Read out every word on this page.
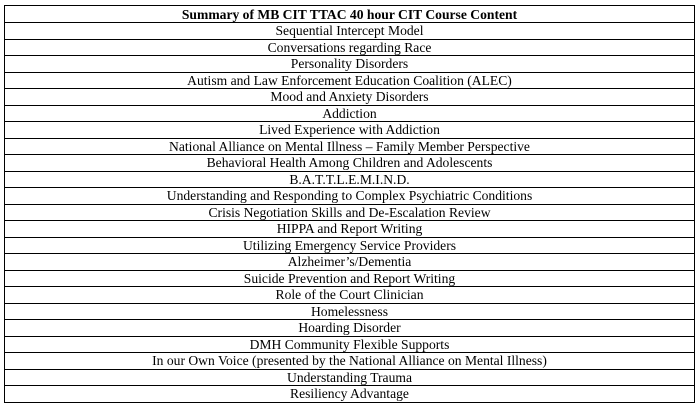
Summary of MB CIT TTAC 40 hour CIT Course Content
Sequential Intercept Model
Conversations regarding Race
Personality Disorders
Autism and Law Enforcement Education Coalition (ALEC)
Mood and Anxiety Disorders
Addiction
Lived Experience with Addiction
National Alliance on Mental Illness – Family Member Perspective
Behavioral Health Among Children and Adolescents
B.A.T.T.L.E.M.I.N.D.
Understanding and Responding to Complex Psychiatric Conditions
Crisis Negotiation Skills and De-Escalation Review
HIPPA and Report Writing
Utilizing Emergency Service Providers
Alzheimer’s/Dementia
Suicide Prevention and Report Writing
Role of the Court Clinician
Homelessness
Hoarding Disorder
DMH Community Flexible Supports
In our Own Voice (presented by the National Alliance on Mental Illness)
Understanding Trauma
Resiliency Advantage
